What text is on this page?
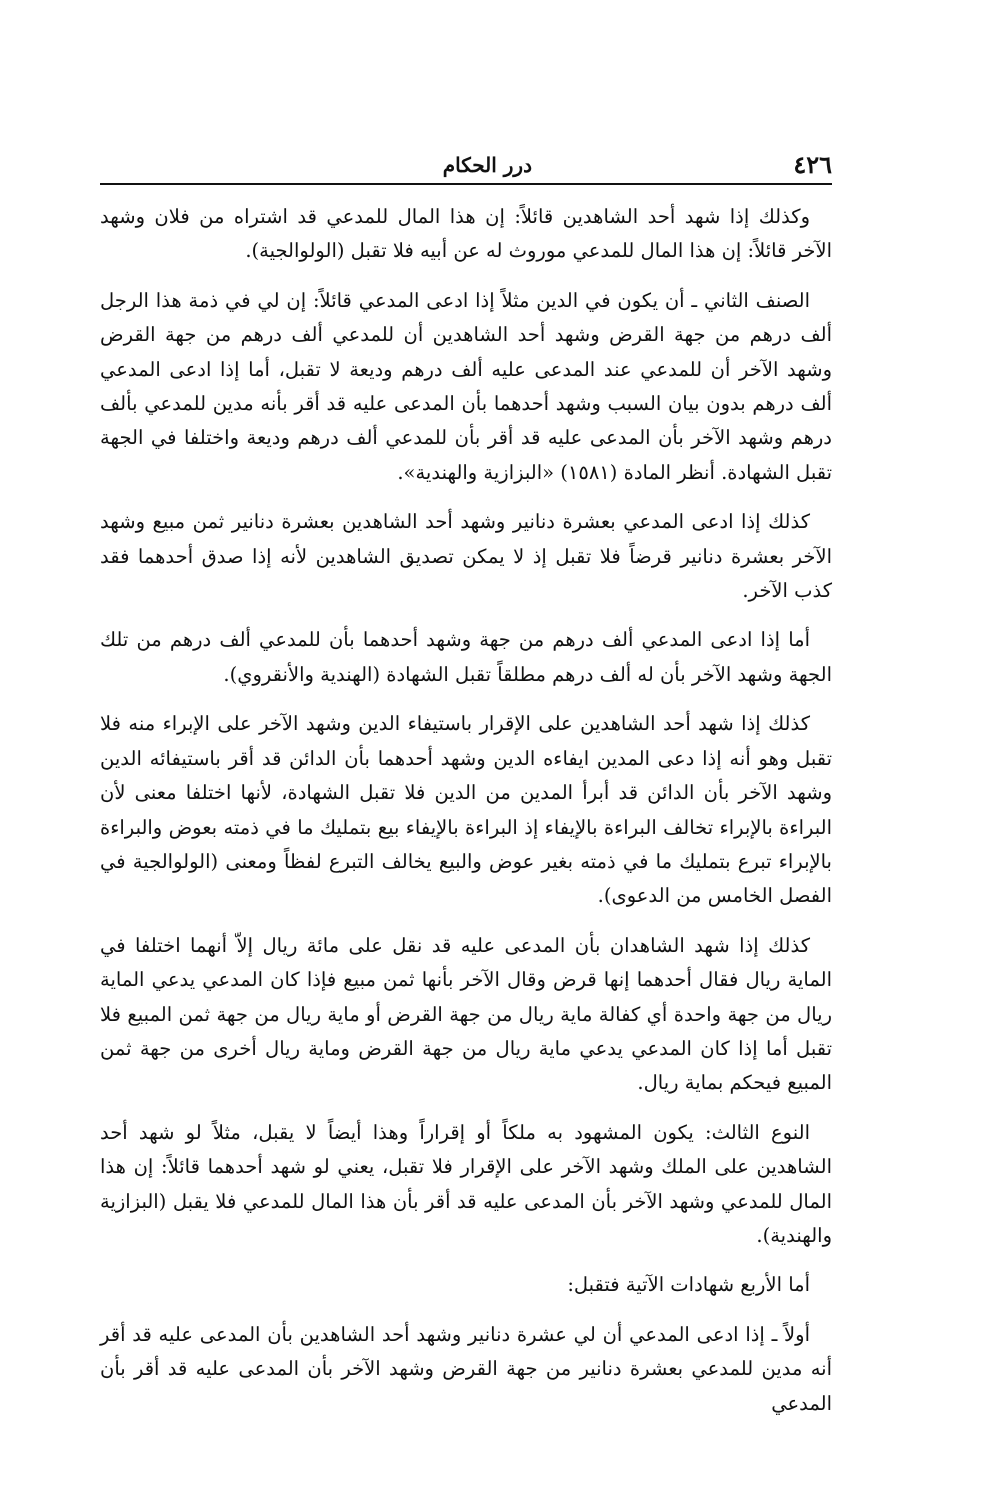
٤٢٦
درر الحكام

وكذلك إذا شهد أحد الشاهدين قائلاً: إن هذا المال للمدعي قد اشتراه من فلان وشهد الآخر قائلاً: إن هذا المال للمدعي موروث له عن أبيه فلا تقبل (الولوالجية).

الصنف الثاني ـ أن يكون في الدين مثلاً إذا ادعى المدعي قائلاً: إن لي في ذمة هذا الرجل ألف درهم من جهة القرض وشهد أحد الشاهدين أن للمدعي ألف درهم من جهة القرض وشهد الآخر أن للمدعي عند المدعى عليه ألف درهم وديعة لا تقبل، أما إذا ادعى المدعي ألف درهم بدون بيان السبب وشهد أحدهما بأن المدعى عليه قد أقر بأنه مدين للمدعي بألف درهم وشهد الآخر بأن المدعى عليه قد أقر بأن للمدعي ألف درهم وديعة واختلفا في الجهة تقبل الشهادة. أنظر المادة (١٥٨١) «البزازية والهندية».

كذلك إذا ادعى المدعي بعشرة دنانير وشهد أحد الشاهدين بعشرة دنانير ثمن مبيع وشهد الآخر بعشرة دنانير قرضاً فلا تقبل إذ لا يمكن تصديق الشاهدين لأنه إذا صدق أحدهما فقد كذب الآخر.

أما إذا ادعى المدعي ألف درهم من جهة وشهد أحدهما بأن للمدعي ألف درهم من تلك الجهة وشهد الآخر بأن له ألف درهم مطلقاً تقبل الشهادة (الهندية والأنقروي).

كذلك إذا شهد أحد الشاهدين على الإقرار باستيفاء الدين وشهد الآخر على الإبراء منه فلا تقبل وهو أنه إذا دعى المدين ايفاءه الدين وشهد أحدهما بأن الدائن قد أقر باستيفائه الدين وشهد الآخر بأن الدائن قد أبرأ المدين من الدين فلا تقبل الشهادة، لأنها اختلفا معنى لأن البراءة بالإبراء تخالف البراءة بالإيفاء إذ البراءة بالإيفاء بيع بتمليك ما في ذمته بعوض والبراءة بالإبراء تبرع بتمليك ما في ذمته بغير عوض والبيع يخالف التبرع لفظاً ومعنى (الولوالجية في الفصل الخامس من الدعوى).

كذلك إذا شهد الشاهدان بأن المدعى عليه قد نقل على مائة ريال إلاّ أنهما اختلفا في الماية ريال فقال أحدهما إنها قرض وقال الآخر بأنها ثمن مبيع فإذا كان المدعي يدعي الماية ريال من جهة واحدة أي كفالة ماية ريال من جهة القرض أو ماية ريال من جهة ثمن المبيع فلا تقبل أما إذا كان المدعي يدعي ماية ريال من جهة القرض وماية ريال أخرى من جهة ثمن المبيع فيحكم بماية ريال.

النوع الثالث: يكون المشهود به ملكاً أو إقراراً وهذا أيضاً لا يقبل، مثلاً لو شهد أحد الشاهدين على الملك وشهد الآخر على الإقرار فلا تقبل، يعني لو شهد أحدهما قائلاً: إن هذا المال للمدعي وشهد الآخر بأن المدعى عليه قد أقر بأن هذا المال للمدعي فلا يقبل (البزازية والهندية).

أما الأربع شهادات الآتية فتقبل:

أولاً ـ إذا ادعى المدعي أن لي عشرة دنانير وشهد أحد الشاهدين بأن المدعى عليه قد أقر أنه مدين للمدعي بعشرة دنانير من جهة القرض وشهد الآخر بأن المدعى عليه قد أقر بأن المدعي
